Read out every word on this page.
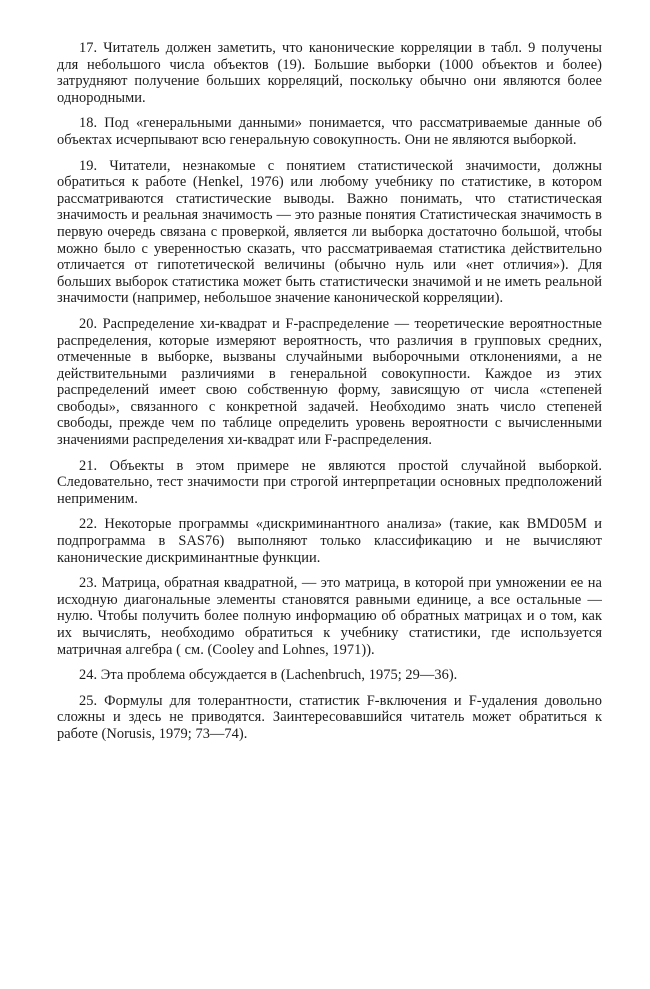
17. Читатель должен заметить, что канонические корреляции в табл. 9 получены для небольшого числа объектов (19). Большие выборки (1000 объектов и более) затрудняют получение больших корреляций, поскольку обычно они являются более однородными.

18. Под «генеральными данными» понимается, что рассматриваемые данные об объектах исчерпывают всю генеральную совокупность. Они не являются выборкой.

19. Читатели, незнакомые с понятием статистической значимости, должны обратиться к работе (Henkel, 1976) или любому учебнику по статистике, в котором рассматриваются статистические выводы. Важно понимать, что статистическая значимость и реальная значимость — это разные понятия Статистическая значимость в первую очередь связана с проверкой, является ли выборка достаточно большой, чтобы можно было с уверенностью сказать, что рассматриваемая статистика действительно отличается от гипотетической величины (обычно нуль или «нет отличия»). Для больших выборок статистика может быть статистически значимой и не иметь реальной значимости (например, небольшое значение канонической корреляции).

20. Распределение хи-квадрат и F-распределение — теоретические вероятностные распределения, которые измеряют вероятность, что различия в групповых средних, отмеченные в выборке, вызваны случайными выборочными отклонениями, а не действительными различиями в генеральной совокупности. Каждое из этих распределений имеет свою собственную форму, зависящую от числа «степеней свободы», связанного с конкретной задачей. Необходимо знать число степеней свободы, прежде чем по таблице определить уровень вероятности с вычисленными значениями распределения хи-квадрат или F-распределения.

21. Объекты в этом примере не являются простой случайной выборкой. Следовательно, тест значимости при строгой интерпретации основных предположений неприменим.

22. Некоторые программы «дискриминантного анализа» (такие, как BMD05M и подпрограмма в SAS76) выполняют только классификацию и не вычисляют канонические дискриминантные функции.

23. Матрица, обратная квадратной, — это матрица, в которой при умножении ее на исходную диагональные элементы становятся равными единице, а все остальные — нулю. Чтобы получить более полную информацию об обратных матрицах и о том, как их вычислять, необходимо обратиться к учебнику статистики, где используется матричная алгебра ( см. (Cooley and Lohnes, 1971)).

24. Эта проблема обсуждается в (Lachenbruch, 1975; 29—36).

25. Формулы для толерантности, статистик F-включения и F-удаления довольно сложны и здесь не приводятся. Заинтересовавшийся читатель может обратиться к работе (Norusis, 1979; 73—74).
